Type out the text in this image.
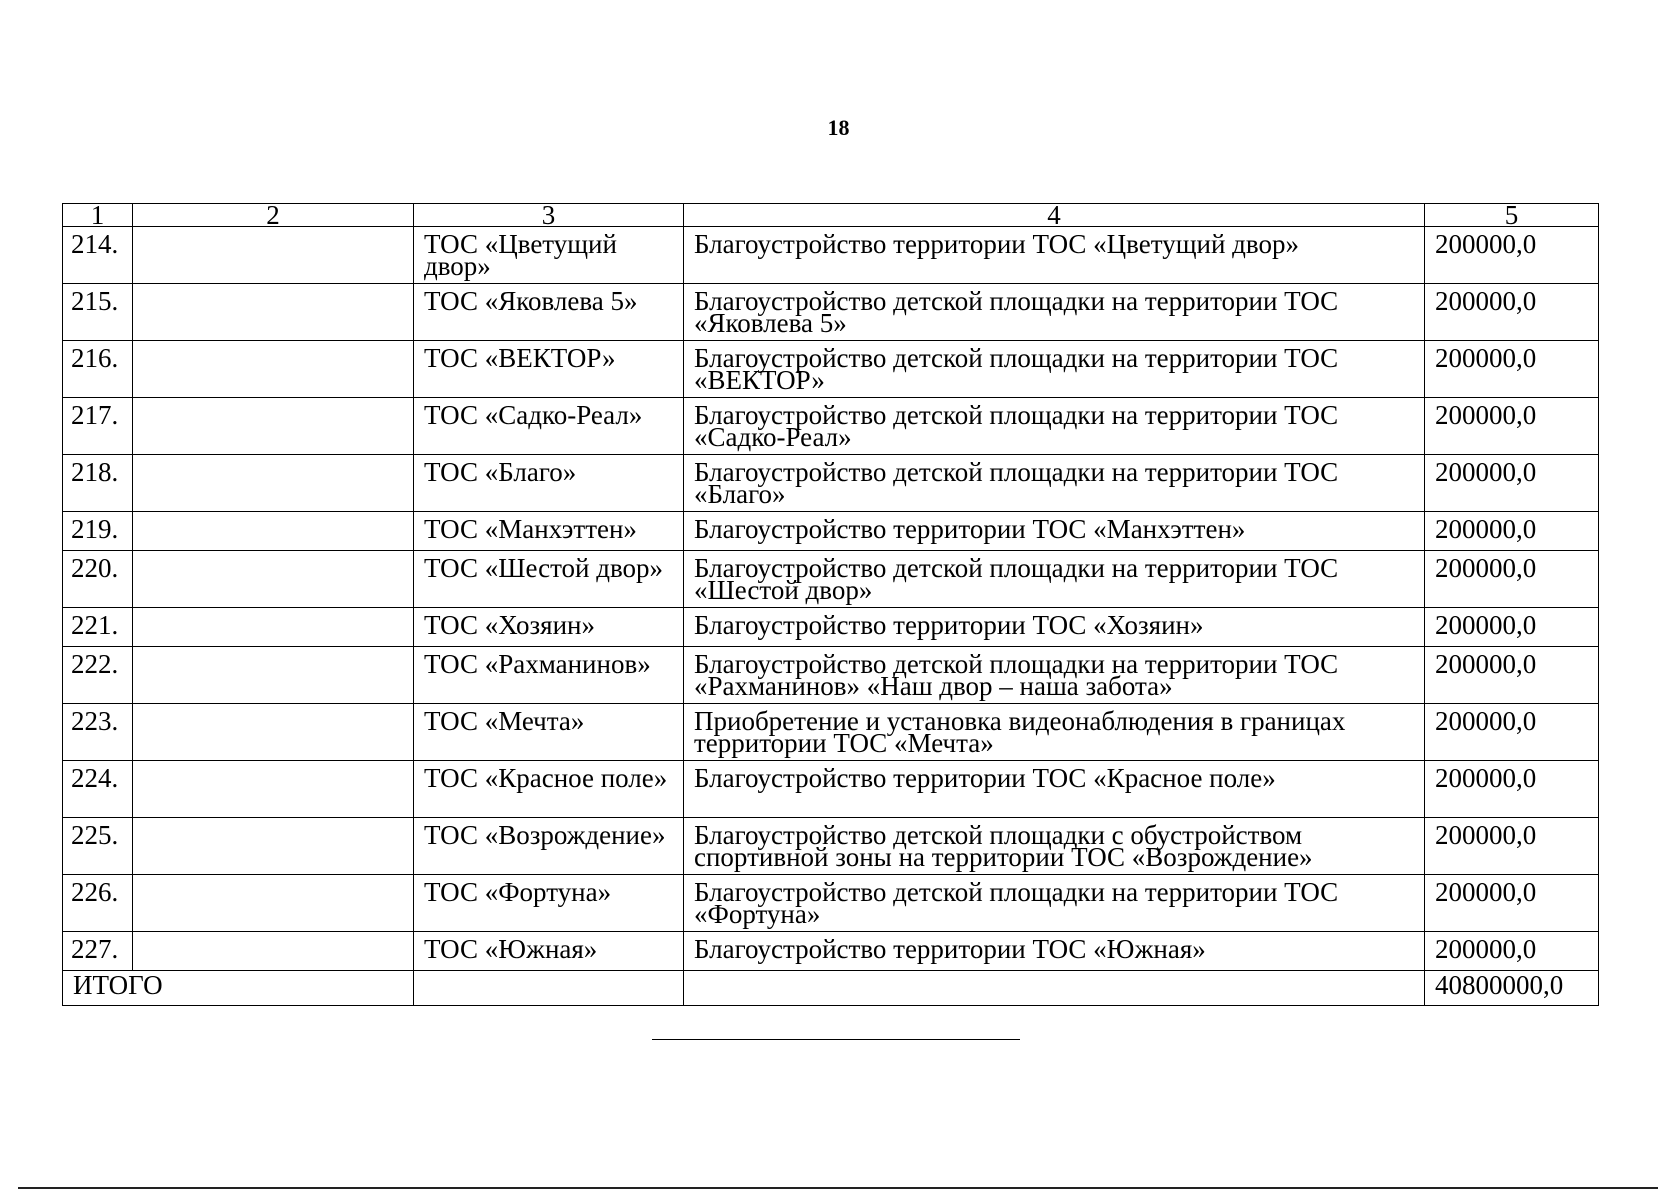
18
1	2	3	4	5
214.		ТОС «Цветущий двор»	Благоустройство территории ТОС «Цветущий двор»	200000,0
215.		ТОС «Яковлева 5»	Благоустройство детской площадки на территории ТОС «Яковлева 5»	200000,0
216.		ТОС «ВЕКТОР»	Благоустройство детской площадки на территории ТОС «ВЕКТОР»	200000,0
217.		ТОС «Садко-Реал»	Благоустройство детской площадки на территории ТОС «Садко-Реал»	200000,0
218.		ТОС «Благо»	Благоустройство детской площадки на территории ТОС «Благо»	200000,0
219.		ТОС «Манхэттен»	Благоустройство территории ТОС «Манхэттен»	200000,0
220.		ТОС «Шестой двор»	Благоустройство детской площадки на территории ТОС «Шестой двор»	200000,0
221.		ТОС «Хозяин»	Благоустройство территории ТОС «Хозяин»	200000,0
222.		ТОС «Рахманинов»	Благоустройство детской площадки на территории ТОС «Рахманинов» «Наш двор – наша забота»	200000,0
223.		ТОС «Мечта»	Приобретение и установка видеонаблюдения в границах территории ТОС «Мечта»	200000,0
224.		ТОС «Красное поле»	Благоустройство территории ТОС «Красное поле»	200000,0
225.		ТОС «Возрождение»	Благоустройство детской площадки с обустройством спортивной зоны на территории ТОС «Возрождение»	200000,0
226.		ТОС «Фортуна»	Благоустройство детской площадки на территории ТОС «Фортуна»	200000,0
227.		ТОС «Южная»	Благоустройство территории ТОС «Южная»	200000,0
ИТОГО				40800000,0
